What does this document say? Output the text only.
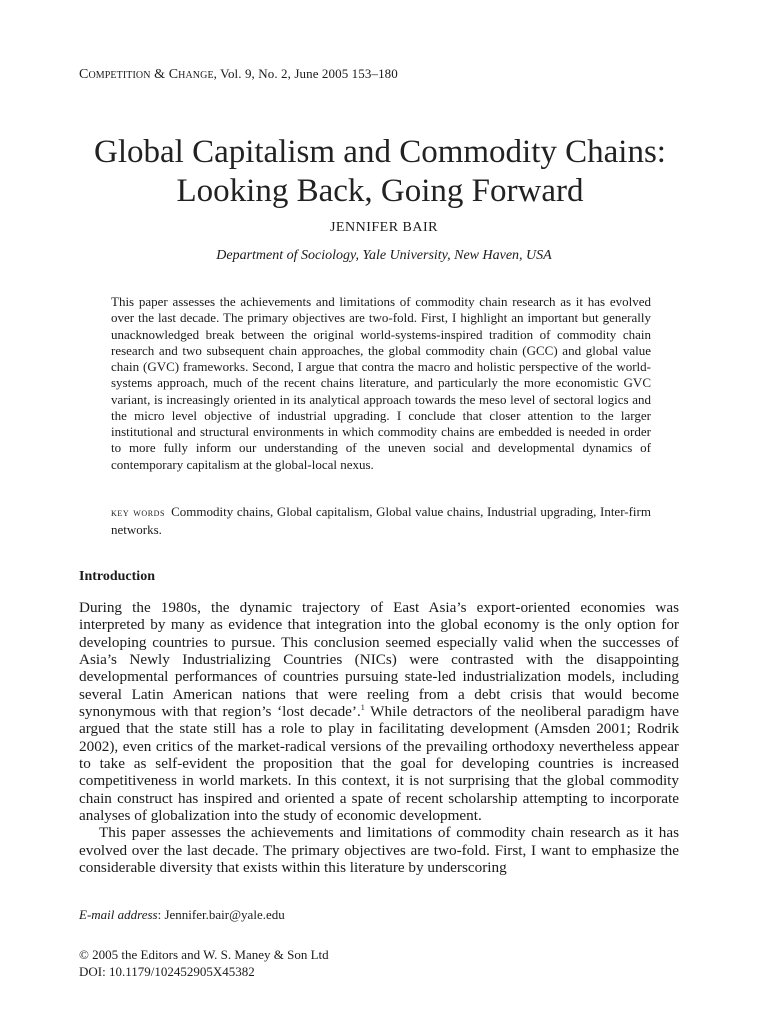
Competition & Change, Vol. 9, No. 2, June 2005 153–180
Global Capitalism and Commodity Chains: Looking Back, Going Forward
JENNIFER BAIR
Department of Sociology, Yale University, New Haven, USA

This paper assesses the achievements and limitations of commodity chain research as it has evolved over the last decade. The primary objectives are two-fold. First, I highlight an important but generally unacknowledged break between the original world-systems-inspired tradition of commodity chain research and two subsequent chain approaches, the global commodity chain (GCC) and global value chain (GVC) frameworks. Second, I argue that contra the macro and holistic perspective of the world-systems approach, much of the recent chains literature, and particularly the more economistic GVC variant, is increasingly oriented in its analytical approach towards the meso level of sectoral logics and the micro level objective of industrial upgrading. I conclude that closer attention to the larger institutional and structural environments in which commodity chains are embedded is needed in order to more fully inform our understanding of the uneven social and developmental dynamics of contemporary capitalism at the global-local nexus.

key words Commodity chains, Global capitalism, Global value chains, Industrial upgrading, Inter-firm networks.

Introduction

During the 1980s, the dynamic trajectory of East Asia’s export-oriented economies was interpreted by many as evidence that integration into the global economy is the only option for developing countries to pursue. This conclusion seemed especially valid when the successes of Asia’s Newly Industrializing Countries (NICs) were contrasted with the disappointing developmental performances of countries pursuing state-led industrialization models, including several Latin American nations that were reeling from a debt crisis that would become synonymous with that region’s ‘lost decade’.$^1$ While detractors of the neoliberal paradigm have argued that the state still has a role to play in facilitating development (Amsden 2001; Rodrik 2002), even critics of the market-radical versions of the prevailing orthodoxy nevertheless appear to take as self-evident the proposition that the goal for developing countries is increased competitiveness in world markets. In this context, it is not surprising that the global commodity chain construct has inspired and oriented a spate of recent scholarship attempting to incorporate analyses of globalization into the study of economic development.

This paper assesses the achievements and limitations of commodity chain research as it has evolved over the last decade. The primary objectives are two-fold. First, I want to emphasize the considerable diversity that exists within this literature by underscoring

E-mail address: Jennifer.bair@yale.edu
© 2005 the Editors and W. S. Maney & Son Ltd
DOI: 10.1179/102452905X45382
